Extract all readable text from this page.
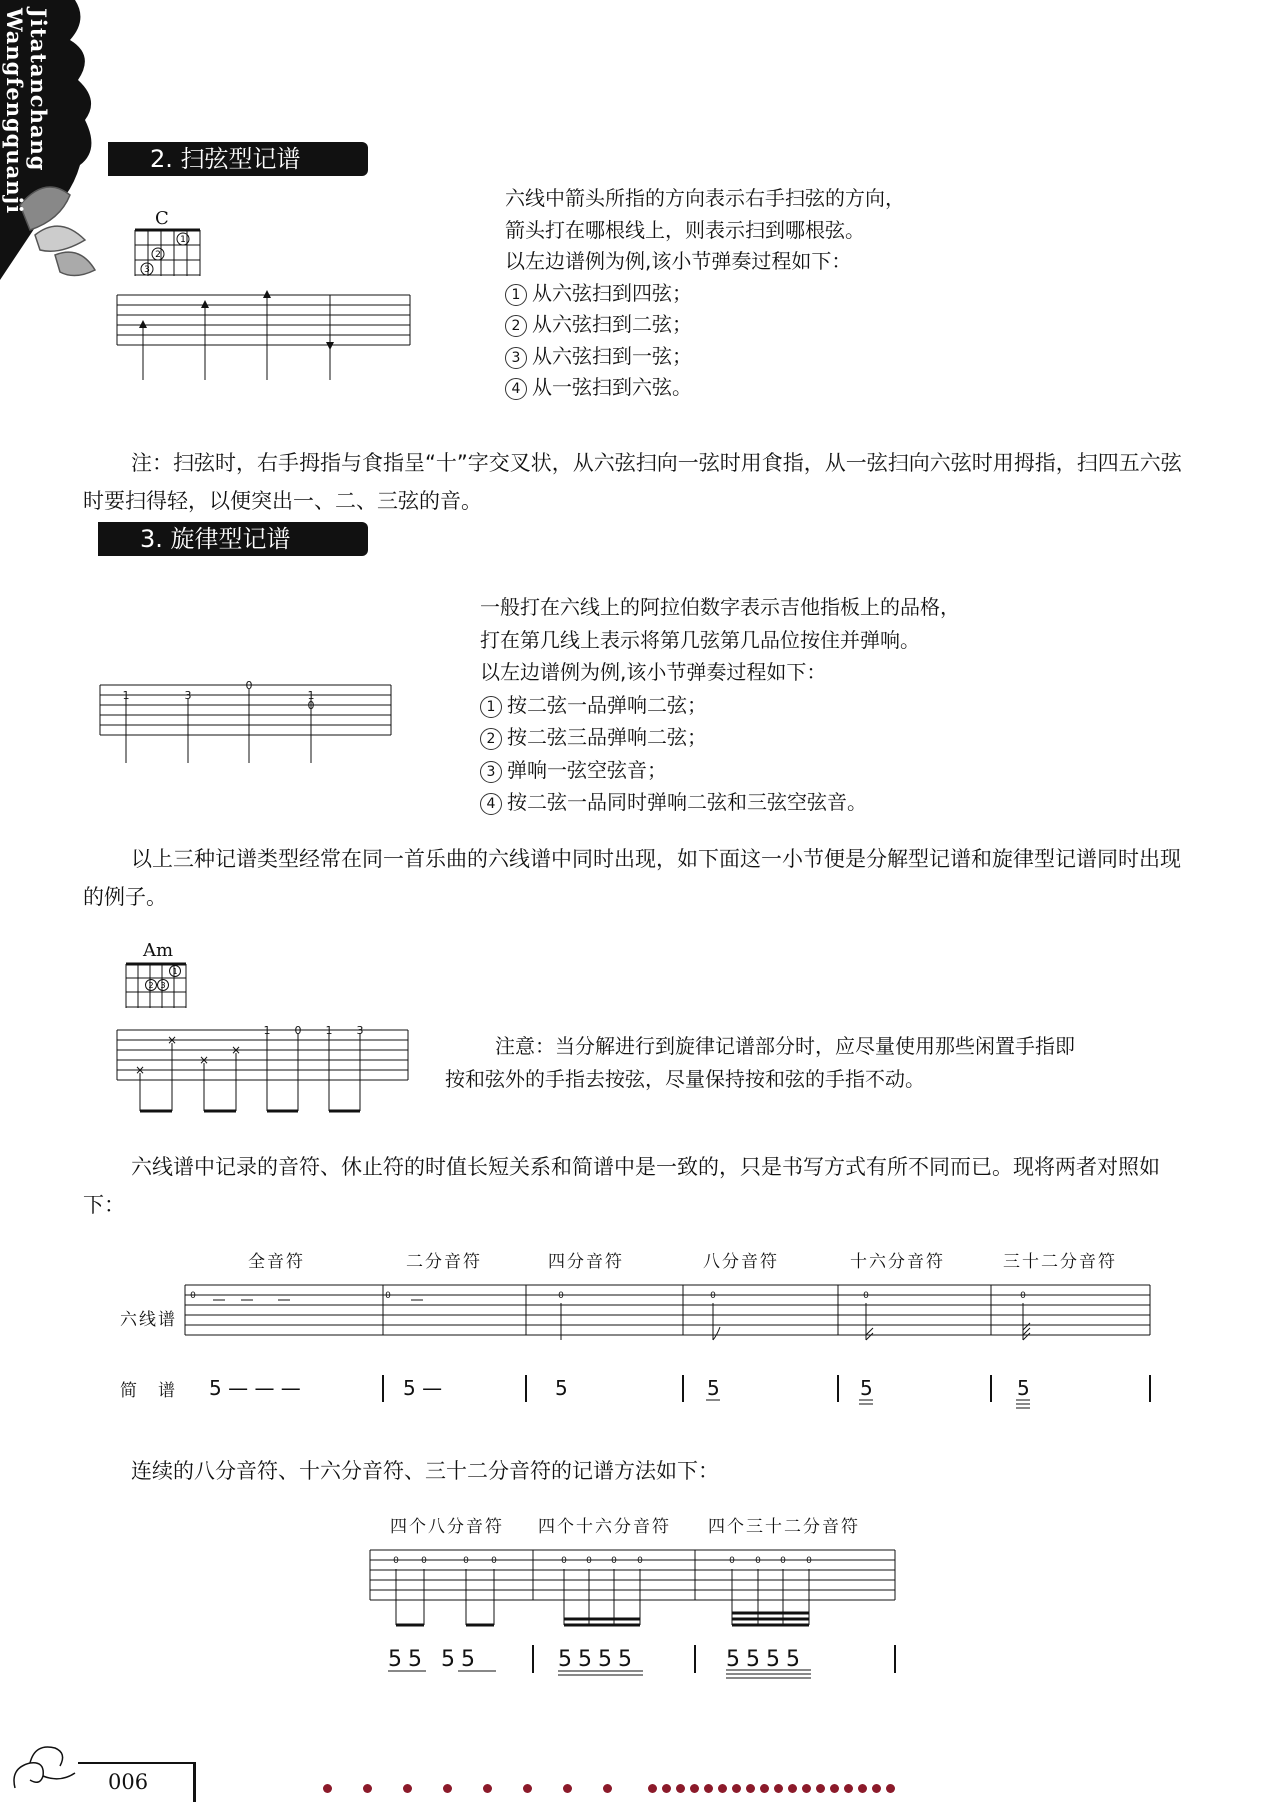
Jitatanchang
Wangfengquanji	2. 扫弦型记谱
C
1
2
3
六线中箭头所指的方向表示右手扫弦的方向，
箭头打在哪根线上，则表示扫到哪根弦。
以左边谱例为例,该小节弹奏过程如下：
1 从六弦扫到四弦；
2 从六弦扫到二弦；
3 从六弦扫到一弦；
4 从一弦扫到六弦。
注：扫弦时，右手拇指与食指呈“十”字交叉状，从六弦扫向一弦时用食指，从一弦扫向六弦时用拇指，扫四五六弦时要扫得轻，以便突出一、二、三弦的音。
3. 旋律型记谱
1	3
0
1
0
一般打在六线上的阿拉伯数字表示吉他指板上的品格，
打在第几线上表示将第几弦第几品位按住并弹响。
以左边谱例为例,该小节弹奏过程如下：
1 按二弦一品弹响二弦；
2 按二弦三品弹响二弦；
3 弹响一弦空弦音；
4 按二弦一品同时弹响二弦和三弦空弦音。
以上三种记谱类型经常在同一首乐曲的六线谱中同时出现，如下面这一小节便是分解型记谱和旋律型记谱同时出现的例子。
Am
1
2 3
×
×
×
×
1 0 1 3
注意：当分解进行到旋律记谱部分时，应尽量使用那些闲置手指即
按和弦外的手指去按弦，尽量保持按和弦的手指不动。
六线谱中记录的音符、休止符的时值长短关系和简谱中是一致的，只是书写方式有所不同而已。现将两者对照如下：
全音符	二分音符	四分音符	八分音符	十六分音符	三十二分音符
六线谱
简　谱
0	0	0	0	0	0
5 — — —	5 —	5	5	5	5
连续的八分音符、十六分音符、三十二分音符的记谱方法如下：
四个八分音符 四个十六分音符 四个三十二分音符
0 0	0 0	0 0 0 0	0 0 0 0
55 55	5555	5555
006
